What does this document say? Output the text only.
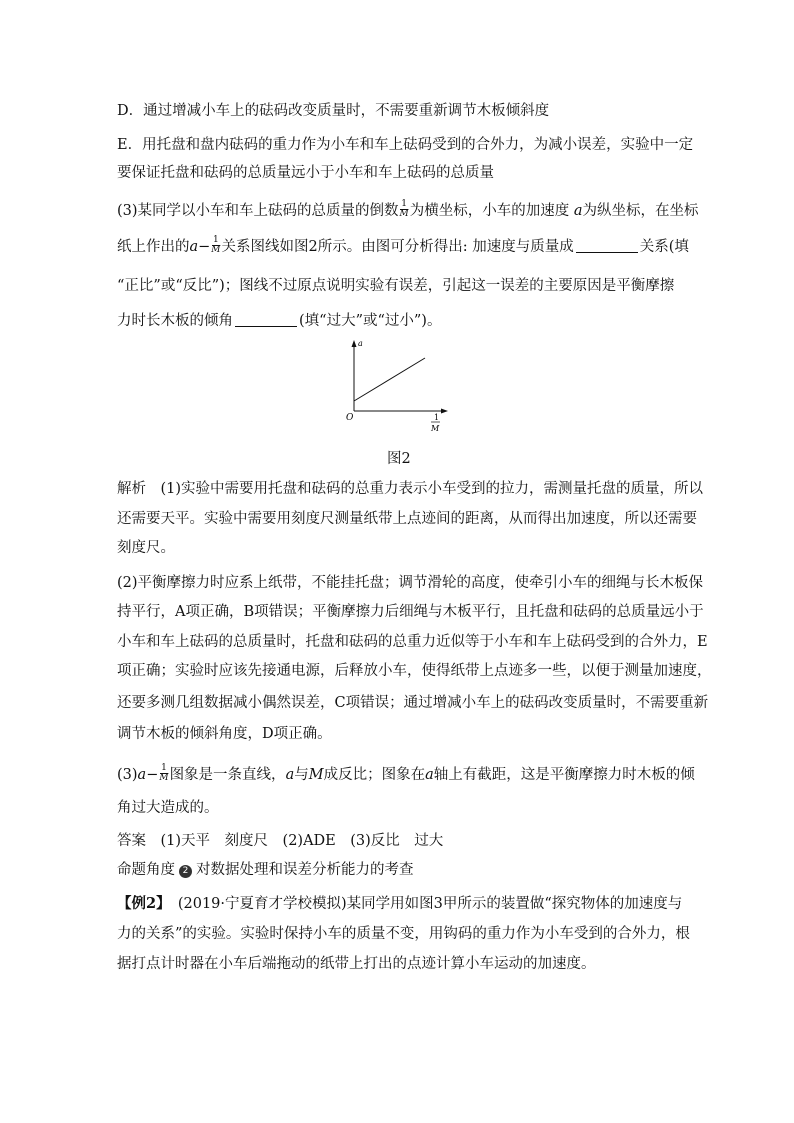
D．通过增减小车上的砝码改变质量时，不需要重新调节木板倾斜度
E．用托盘和盘内砝码的重力作为小车和车上砝码受到的合外力，为减小误差，实验中一定
要保证托盘和砝码的总质量远小于小车和车上砝码的总质量
(3)某同学以小车和车上砝码的总质量的倒数 $\frac{1}{M}$ 为横坐标，小车的加速度 a为纵坐标，在坐标
纸上作出的$a- \frac{1}{M}$ 关系图线如图2所示。由图可分析得出: 加速度与质量成	关系(填
“正比”或“反比”)；图线不过原点说明实验有误差，引起这一误差的主要原因是平衡摩擦
力时长木板的倾角	(填“过大”或“过小”)。
a
O	1
M
图2
解析　(1)实验中需要用托盘和砝码的总重力表示小车受到的拉力，需测量托盘的质量，所以
还需要天平。实验中需要用刻度尺测量纸带上点迹间的距离，从而得出加速度，所以还需要
刻度尺。
(2)平衡摩擦力时应系上纸带，不能挂托盘；调节滑轮的高度，使牵引小车的细绳与长木板保
持平行，A项正确，B项错误；平衡摩擦力后细绳与木板平行，且托盘和砝码的总质量远小于
小车和车上砝码的总质量时，托盘和砝码的总重力近似等于小车和车上砝码受到的合外力，E
项正确；实验时应该先接通电源，后释放小车，使得纸带上点迹多一些，以便于测量加速度，
还要多测几组数据减小偶然误差，C项错误；通过增减小车上的砝码改变质量时，不需要重新
调节木板的倾斜角度，D项正确。
$(3)a- \frac{1}{M}$ 图象是一条直线，a与M成反比；图象在a轴上有截距，这是平衡摩擦力时木板的倾
角过大造成的。
答案　(1)天平　刻度尺　(2)ADE　(3)反比　过大
命题角度 2 对数据处理和误差分析能力的考查
【例2】　(2019·宁夏育才学校模拟)某同学用如图3甲所示的装置做“探究物体的加速度与
力的关系”的实验。实验时保持小车的质量不变，用钩码的重力作为小车受到的合外力，根
据打点计时器在小车后端拖动的纸带上打出的点迹计算小车运动的加速度。
